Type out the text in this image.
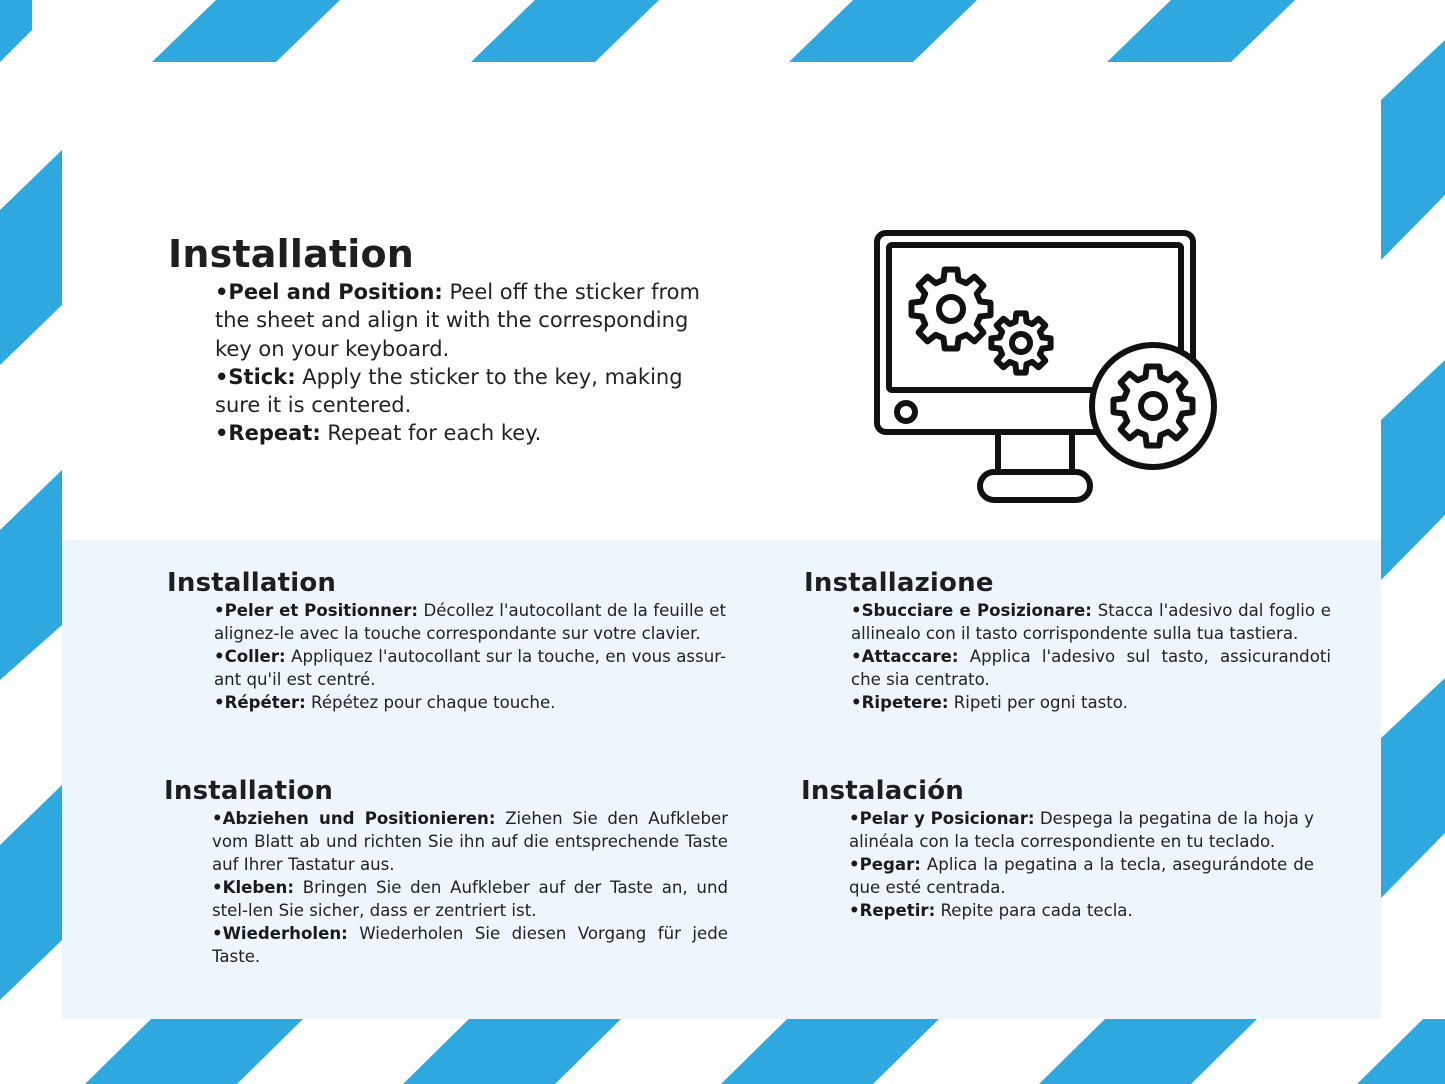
Installation
•Peel and Position: Peel off the sticker from the sheet and align it with the corresponding key on your keyboard.
•Stick: Apply the sticker to the key, making sure it is centered.
•Repeat: Repeat for each key.
Installation
•Peler et Positionner: Décollez l'autocollant de la feuille et alignez-le avec la touche correspondante sur votre clavier.
•Coller: Appliquez l'autocollant sur la touche, en vous assur-ant qu'il est centré.
•Répéter: Répétez pour chaque touche.
Installazione
•Sbucciare e Posizionare: Stacca l'adesivo dal foglio e allinealo con il tasto corrispondente sulla tua tastiera.
•Attaccare: Applica l'adesivo sul tasto, assicurandoti che sia centrato.
•Ripetere: Ripeti per ogni tasto.
Installation
•Abziehen und Positionieren: Ziehen Sie den Aufkleber vom Blatt ab und richten Sie ihn auf die entsprechende Taste auf Ihrer Tastatur aus.
•Kleben: Bringen Sie den Aufkleber auf der Taste an, und stel-len Sie sicher, dass er zentriert ist.
•Wiederholen: Wiederholen Sie diesen Vorgang für jede Taste.
Instalación
•Pelar y Posicionar: Despega la pegatina de la hoja y alinéala con la tecla correspondiente en tu teclado.
•Pegar: Aplica la pegatina a la tecla, asegurándote de que esté centrada.
•Repetir: Repite para cada tecla.
